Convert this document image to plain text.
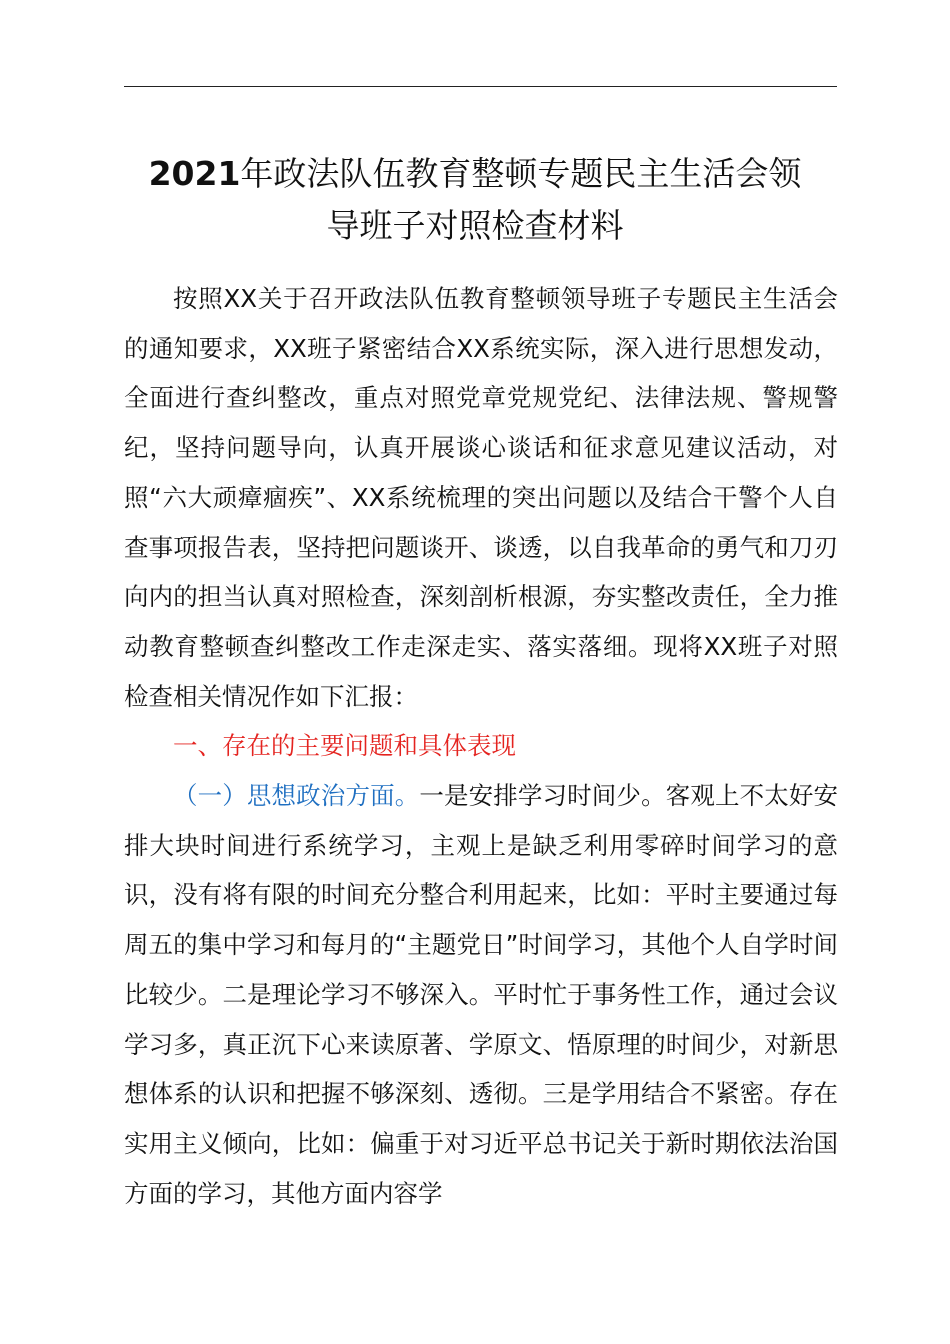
2021年政法队伍教育整顿专题民主生活会领
导班子对照检查材料

按照XX关于召开政法队伍教育整顿领导班子专题民主生活会的通知要求，XX班子紧密结合XX系统实际，深入进行思想发动，全面进行查纠整改，重点对照党章党规党纪、法律法规、警规警纪，坚持问题导向，认真开展谈心谈话和征求意见建议活动，对照“六大顽瘴痼疾”、XX系统梳理的突出问题以及结合干警个人自查事项报告表，坚持把问题谈开、谈透，以自我革命的勇气和刀刃向内的担当认真对照检查，深刻剖析根源，夯实整改责任，全力推动教育整顿查纠整改工作走深走实、落实落细。现将XX班子对照检查相关情况作如下汇报：

一、存在的主要问题和具体表现

（一）思想政治方面。一是安排学习时间少。客观上不太好安排大块时间进行系统学习，主观上是缺乏利用零碎时间学习的意识，没有将有限的时间充分整合利用起来，比如：平时主要通过每周五的集中学习和每月的“主题党日”时间学习，其他个人自学时间比较少。二是理论学习不够深入。平时忙于事务性工作，通过会议学习多，真正沉下心来读原著、学原文、悟原理的时间少，对新思想体系的认识和把握不够深刻、透彻。三是学用结合不紧密。存在实用主义倾向，比如：偏重于对习近平总书记关于新时期依法治国方面的学习，其他方面内容学
